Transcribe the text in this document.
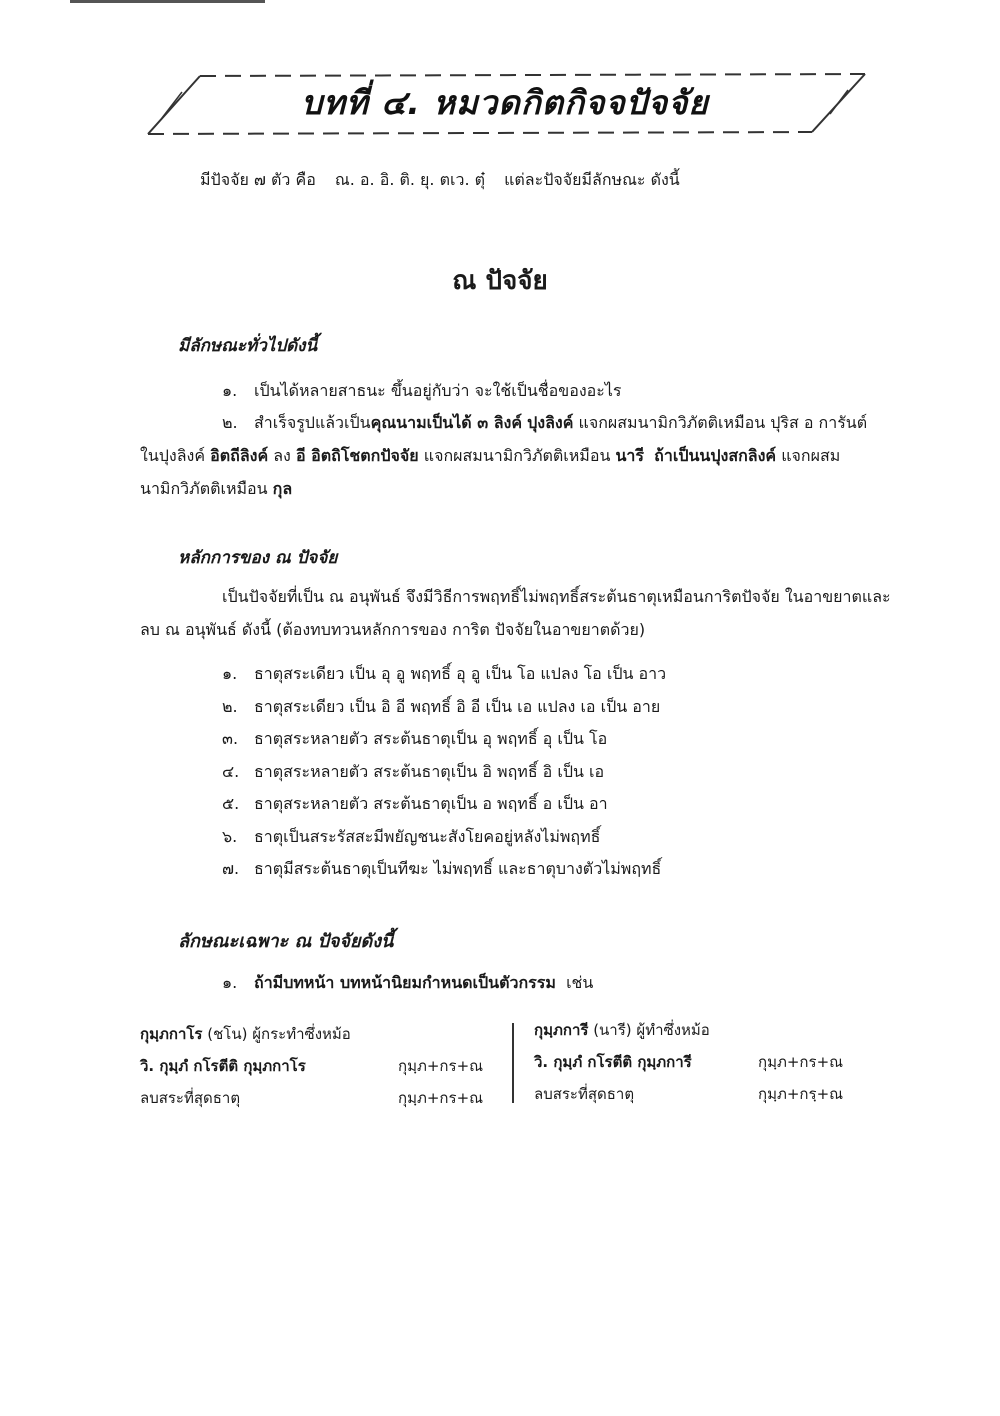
บทที่ ๔. หมวดกิตกิจจปัจจัย
มีปัจจัย ๗ ตัว คือ ณ. อ. อิ. ติ. ยุ. ตเว. ตุ๋ แต่ละปัจจัยมีลักษณะ ดังนี้
ณ ปัจจัย
มีลักษณะทั่วไปดังนี้
๑. เป็นได้หลายสาธนะ ขึ้นอยู่กับว่า จะใช้เป็นชื่อของอะไร
๒. สำเร็จรูปแล้วเป็นคุณนามเป็นได้ ๓ ลิงค์ ปุงลิงค์ แจกผสมนามิกวิภัตติเหมือน ปุริส อ การันต์
ในปุงลิงค์ อิตถีลิงค์ ลง อี อิตถิโชตกปัจจัย แจกผสมนามิกวิภัตติเหมือน นารี ถ้าเป็นนปุงสกลิงค์ แจกผสม
นามิกวิภัตติเหมือน กุล
หลักการของ ณ ปัจจัย
เป็นปัจจัยที่เป็น ณ อนุพันธ์ จึงมีวิธีการพฤทธิ์ไม่พฤทธิ์สระต้นธาตุเหมือนการิตปัจจัย ในอาขยาตและ
ลบ ณ อนุพันธ์ ดังนี้ (ต้องทบทวนหลักการของ การิต ปัจจัยในอาขยาตด้วย)
๑. ธาตุสระเดียว เป็น อุ อู พฤทธิ์ อุ อู เป็น โอ แปลง โอ เป็น อาว
๒. ธาตุสระเดียว เป็น อิ อี พฤทธิ์ อิ อี เป็น เอ แปลง เอ เป็น อาย
๓. ธาตุสระหลายตัว สระต้นธาตุเป็น อุ พฤทธิ์ อุ เป็น โอ
๔. ธาตุสระหลายตัว สระต้นธาตุเป็น อิ พฤทธิ์ อิ เป็น เอ
๕. ธาตุสระหลายตัว สระต้นธาตุเป็น อ พฤทธิ์ อ เป็น อา
๖. ธาตุเป็นสระรัสสะมีพยัญชนะสังโยคอยู่หลังไม่พฤทธิ์
๗. ธาตุมีสระต้นธาตุเป็นทีฆะ ไม่พฤทธิ์ และธาตุบางตัวไม่พฤทธิ์
ลักษณะเฉพาะ ณ ปัจจัยดังนี้
๑. ถ้ามีบทหน้า บทหน้านิยมกำหนดเป็นตัวกรรม เช่น
กุมฺภกาโร (ชโน) ผู้กระทำซึ่งหม้อ
วิ. กุมฺภํ กโรตีติ กุมฺภกาโร	กุมฺภ+กร+ณ
ลบสระที่สุดธาตุ	กุมฺภ+กร+ณ
กุมฺภการี (นารี) ผู้ทำซึ่งหม้อ
วิ. กุมฺภํ กโรตีติ กุมฺภการี	กุมฺภ+กร+ณ
ลบสระที่สุดธาตุ	กุมฺภ+กรฺ+ณ
